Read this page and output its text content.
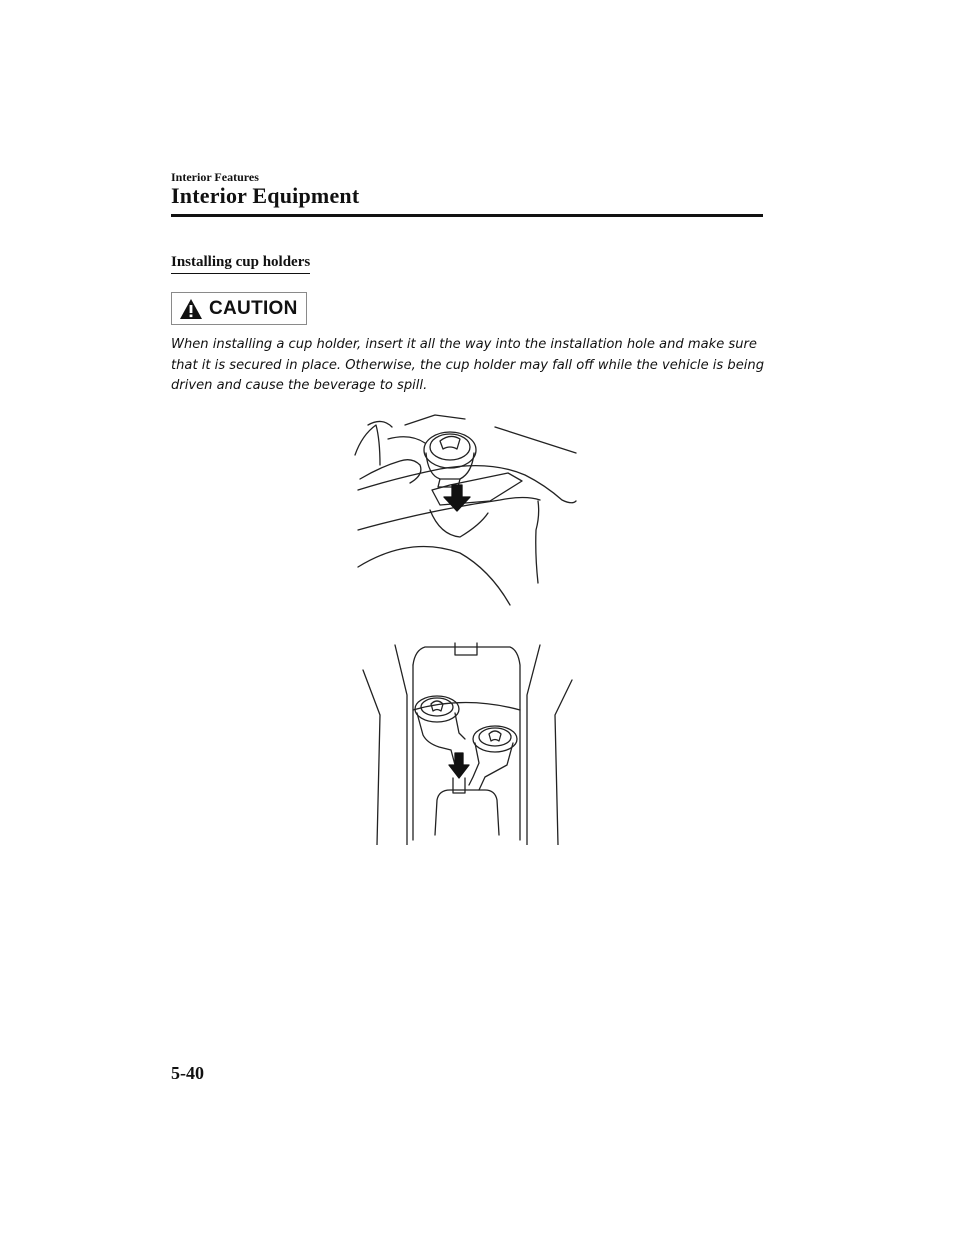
Interior Features
Interior Equipment
Installing cup holders
CAUTION

When installing a cup holder, insert it all the way into the installation hole and make sure that it is secured in place. Otherwise, the cup holder may fall off while the vehicle is being driven and cause the beverage to spill.

5-40
